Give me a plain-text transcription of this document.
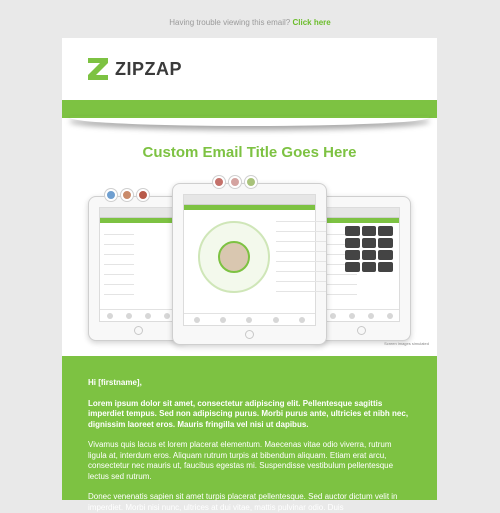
Having trouble viewing this email? Click here
ZIPZAP
Custom Email Title Goes Here
Screen images simulated

Hi [firstname],

Lorem ipsum dolor sit amet, consectetur adipiscing elit. Pellentesque sagittis imperdiet tempus. Sed non adipiscing purus. Morbi purus ante, ultricies et nibh nec, dignissim laoreet eros. Mauris fringilla vel nisi ut dapibus.

Vivamus quis lacus et lorem placerat elementum. Maecenas vitae odio viverra, rutrum ligula at, interdum eros. Aliquam rutrum turpis at bibendum aliquam. Etiam erat arcu, consectetur nec mauris ut, faucibus egestas mi. Suspendisse vestibulum pellentesque lectus sed rutrum.

Donec venenatis sapien sit amet turpis placerat pellentesque. Sed auctor dictum velit in imperdiet. Morbi nisi nunc, ultrices at dui vitae, mattis pulvinar odio. Duis
